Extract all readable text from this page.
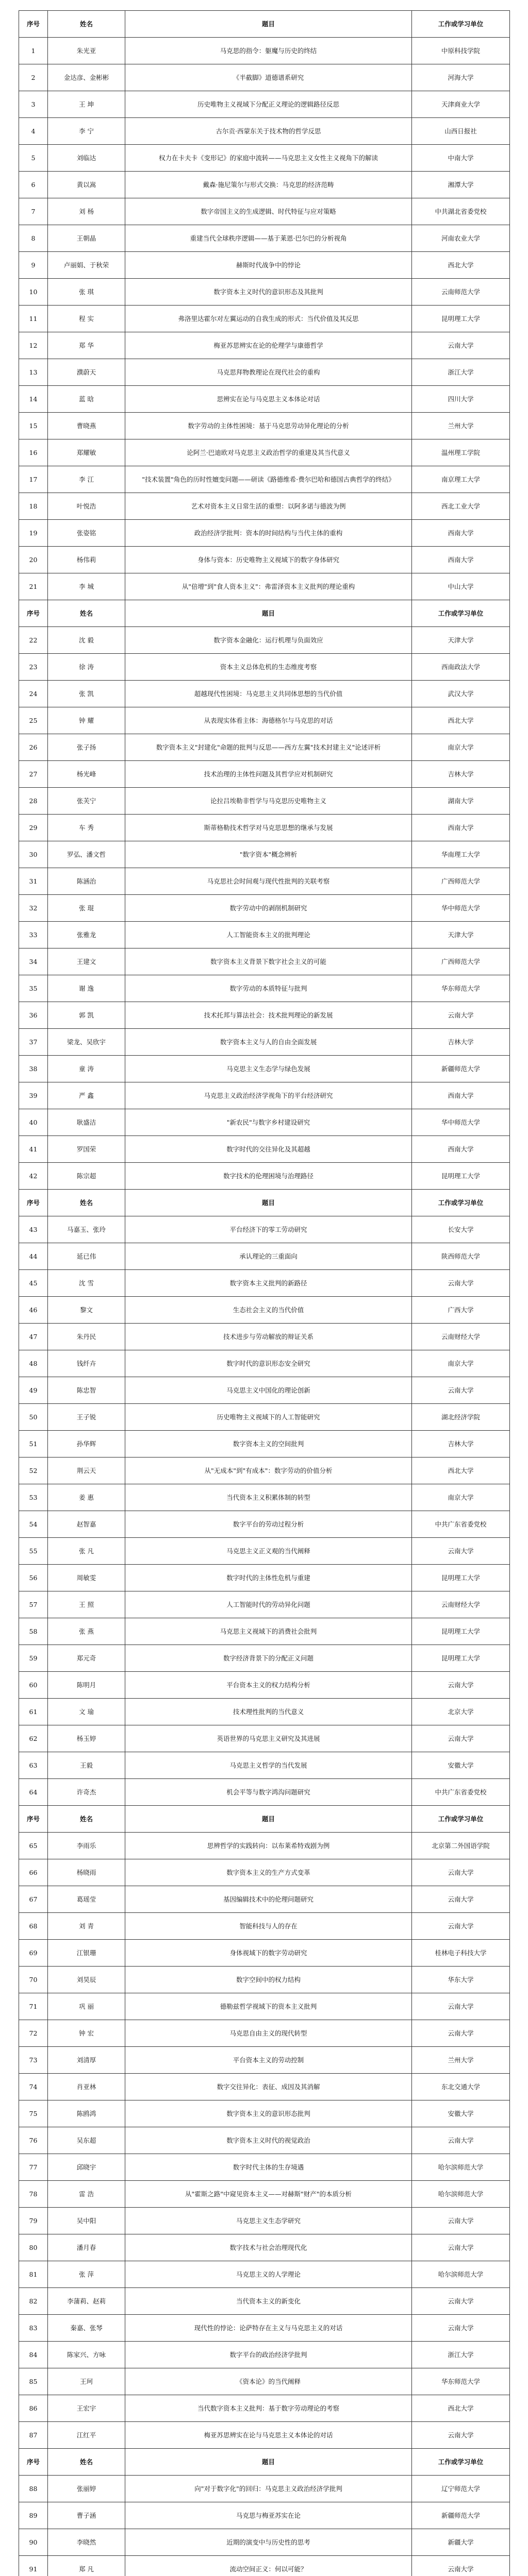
序号	姓名	题目	工作或学习单位
1	朱光亚	马克思的指令：躯魔与历史的终结	中原科技学院
2	金达彦、金彬彬	《半截脚》道德谱系研究	河海大学
3	王 坤	历史唯物主义视域下分配正义理论的逻辑路径反思	天津商业大学
4	李 宁	古尔贡·西蒙东关于技术物的哲学反思	山西日报社
5	刘临达	权力在卡夫卡《变形记》的家庭中流转——马克思主义女性主义视角下的解读	中南大学
6	黄以嵩	戴森·施尼策尔与形式交换：马克思的经济范畴	湘潭大学
7	刘 杨	数字帝国主义的生成逻辑、时代特征与应对策略	中共湖北省委党校
8	王朝晶	重建当代全球秩序逻辑——基于莱恩·巴尔巴的分析视角	河南农业大学
9	卢丽娟、于秋荣	赫斯时代战争中的悖论	西北大学
10	张 琪	数字资本主义时代的意识形态及其批判	云南师范大学
11	程 实	弗洛里达霍尔对左翼运动的自我生成的形式：当代价值及其反思	昆明理工大学
12	郑 华	梅亚苏思辨实在论的伦理学与康德哲学	云南大学
13	濮蔚天	马克思拜物教理论在现代社会的重构	浙江大学
14	蓝 晗	思辨实在论与马克思主义本体论对话	四川大学
15	曹晓燕	数字劳动的主体性困境：基于马克思劳动异化理论的分析	兰州大学
16	郑耀敏	论阿兰·巴迪欧对马克思主义政治哲学的重建及其当代意义	温州理工学院
17	李 江	"技术装置"角色的历时性嬗变问题——研读《路德维希·费尔巴哈和德国古典哲学的终结》	南京理工大学
18	叶悦浩	艺术对资本主义日常生活的重塑：以阿多诺与德波为例	西北工业大学
19	张姿铭	政治经济学批判：资本的时间结构与当代主体的重构	西南大学
20	杨伟莉	身体与资本：历史唯物主义视域下的数字身体研究	西南大学
21	李 城	从"倍增"到"食人资本主义"：弗雷泽资本主义批判的理论重构	中山大学
序号	姓名	题目	工作或学习单位
22	沈 毅	数字资本金融化：运行机理与负面效应	天津大学
23	徐 涛	资本主义总体危机的生态维度考察	西南政法大学
24	张 凯	超越现代性困境：马克思主义共同体思想的当代价值	武汉大学
25	钟 耀	从表现实体看主体：海德格尔与马克思的对话	西北大学
26	张子扬	数字资本主义"封建化"命题的批判与反思——西方左翼"技术封建主义"论述评析	南京大学
27	杨光峰	技术治理的主体性问题及其哲学应对机制研究	吉林大学
28	张芙宁	论拉吕埃勒非哲学与马克思历史唯物主义	湖南大学
29	车 秀	斯蒂格勒技术哲学对马克思思想的继承与发展	西南大学
30	罗弘、潘文哲	"数字资本"概念辨析	华南理工大学
31	陈涵治	马克思社会时间观与现代性批判的关联考察	广西师范大学
32	张 琨	数字劳动中的剥削机制研究	华中师范大学
33	张雅龙	人工智能资本主义的批判理论	天津大学
34	王建文	数字资本主义背景下数字社会主义的可能	广西师范大学
35	谢 逸	数字劳动的本质特征与批判	华东师范大学
36	郭 凯	技术托邦与算法社会：技术批判理论的新发展	云南大学
37	梁龙、吴欣宇	数字资本主义与人的自由全面发展	吉林大学
38	童 涛	马克思主义生态学与绿色发展	新疆师范大学
39	严 鑫	马克思主义政治经济学视角下的平台经济研究	西南大学
40	耿盛洁	"新农民"与数字乡村建设研究	华中师范大学
41	罗国荣	数字时代的交往异化及其超越	西南大学
42	陈宗超	数字技术的伦理困境与治理路径	昆明理工大学
序号	姓名	题目	工作或学习单位
43	马嘉玉、张玲	平台经济下的零工劳动研究	长安大学
44	延已伟	承认理论的三重面向	陕西师范大学
45	沈 雪	数字资本主义批判的新路径	云南大学
46	黎文	生态社会主义的当代价值	广西大学
47	朱丹民	技术进步与劳动解放的辩证关系	云南财经大学
48	钱纤卉	数字时代的意识形态安全研究	南京大学
49	陈忠智	马克思主义中国化的理论创新	云南大学
50	王子锐	历史唯物主义视域下的人工智能研究	湖北经济学院
51	孙华辉	数字资本主义的空间批判	吉林大学
52	荆云天	从"无成本"到"有成本"：数字劳动的价值分析	西北大学
53	姜 惠	当代资本主义积累体制的转型	南京大学
54	赵智嘉	数字平台的劳动过程分析	中共广东省委党校
55	张 凡	马克思主义正义观的当代阐释	云南大学
56	周敏雯	数字时代的主体性危机与重建	昆明理工大学
57	王 照	人工智能时代的劳动异化问题	云南财经大学
58	张 燕	马克思主义视域下的消费社会批判	昆明理工大学
59	郑元奇	数字经济背景下的分配正义问题	昆明理工大学
60	陈明月	平台资本主义的权力结构分析	云南大学
61	文 瑜	技术理性批判的当代意义	北京大学
62	杨玉婷	英语世界的马克思主义研究及其进展	云南大学
63	王毅	马克思主义哲学的当代发展	安徽大学
64	许奇杰	机会平等与数字鸿沟问题研究	中共广东省委党校
序号	姓名	题目	工作或学习单位
65	李雨乐	思辨哲学的实践转向：以布莱希特戏剧为例	北京第二外国语学院
66	杨晓雨	数字资本主义的生产方式变革	云南大学
67	葛瑶莹	基因编辑技术中的伦理问题研究	云南大学
68	刘 青	智能科技与人的存在	云南大学
69	江银珊	身体视域下的数字劳动研究	桂林电子科技大学
70	刘昊辰	数字空间中的权力结构	华东大学
71	巩 丽	德勒兹哲学视域下的资本主义批判	云南大学
72	钟 宏	马克思自由主义的现代转型	云南大学
73	刘清厚	平台资本主义的劳动控制	兰州大学
74	肖亚林	数字交往异化：表征、成因及其消解	东北交通大学
75	陈鸥鸿	数字资本主义的意识形态批判	安徽大学
76	吴东超	数字资本主义时代的视觉政治	云南大学
77	邱晓宇	数字时代主体的生存境遇	哈尔滨师范大学
78	雷 浩	从"霍斯之路"中窥见资本主义——对赫斯"财产"的本质分析	哈尔滨师范大学
79	吴中阳	马克思主义生态学研究	云南大学
80	潘月春	数字技术与社会治理现代化	云南大学
81	张 萍	马克思主义的人学理论	哈尔滨师范大学
82	李蒲莉、赵莉	当代资本主义的新变化	云南大学
83	秦嘉、张琴	现代性的悖论：论萨特存在主义与马克思主义的对话	云南大学
84	陈家兴、方咏	数字平台的政治经济学批判	浙江大学
85	王珂	《资本论》的当代阐释	华东师范大学
86	王宏宇	当代数字资本主义批判：基于数字劳动理论的考察	西北大学
87	江红平	梅亚苏思辨实在论与马克思主义本体论的对话	云南大学
序号	姓名	题目	工作或学习单位
88	张丽婷	向"对于数字化"的回归：马克思主义政治经济学批判	辽宁师范大学
89	曹子涵	马克思与梅亚苏实在论	新疆师范大学
90	李晓然	近期的演变中与历史性的思考	新疆大学
91	郑 凡	流动空间正义：何以可能？	云南大学
